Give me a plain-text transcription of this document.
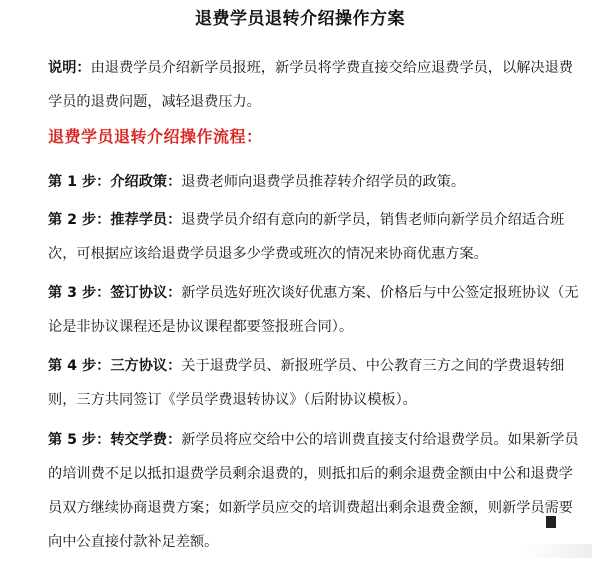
退费学员退转介绍操作方案
说明：由退费学员介绍新学员报班，新学员将学费直接交给应退费学员，以解决退费学员的退费问题，减轻退费压力。
退费学员退转介绍操作流程：
第 1 步：介绍政策：退费老师向退费学员推荐转介绍学员的政策。
第 2 步：推荐学员：退费学员介绍有意向的新学员，销售老师向新学员介绍适合班次，可根据应该给退费学员退多少学费或班次的情况来协商优惠方案。
第 3 步：签订协议：新学员选好班次谈好优惠方案、价格后与中公签定报班协议（无论是非协议课程还是协议课程都要签报班合同）。
第 4 步：三方协议：关于退费学员、新报班学员、中公教育三方之间的学费退转细则，三方共同签订《学员学费退转协议》（后附协议模板）。
第 5 步：转交学费：新学员将应交给中公的培训费直接支付给退费学员。如果新学员的培训费不足以抵扣退费学员剩余退费的，则抵扣后的剩余退费金额由中公和退费学员双方继续协商退费方案；如新学员应交的培训费超出剩余退费金额，则新学员需要向中公直接付款补足差额。
